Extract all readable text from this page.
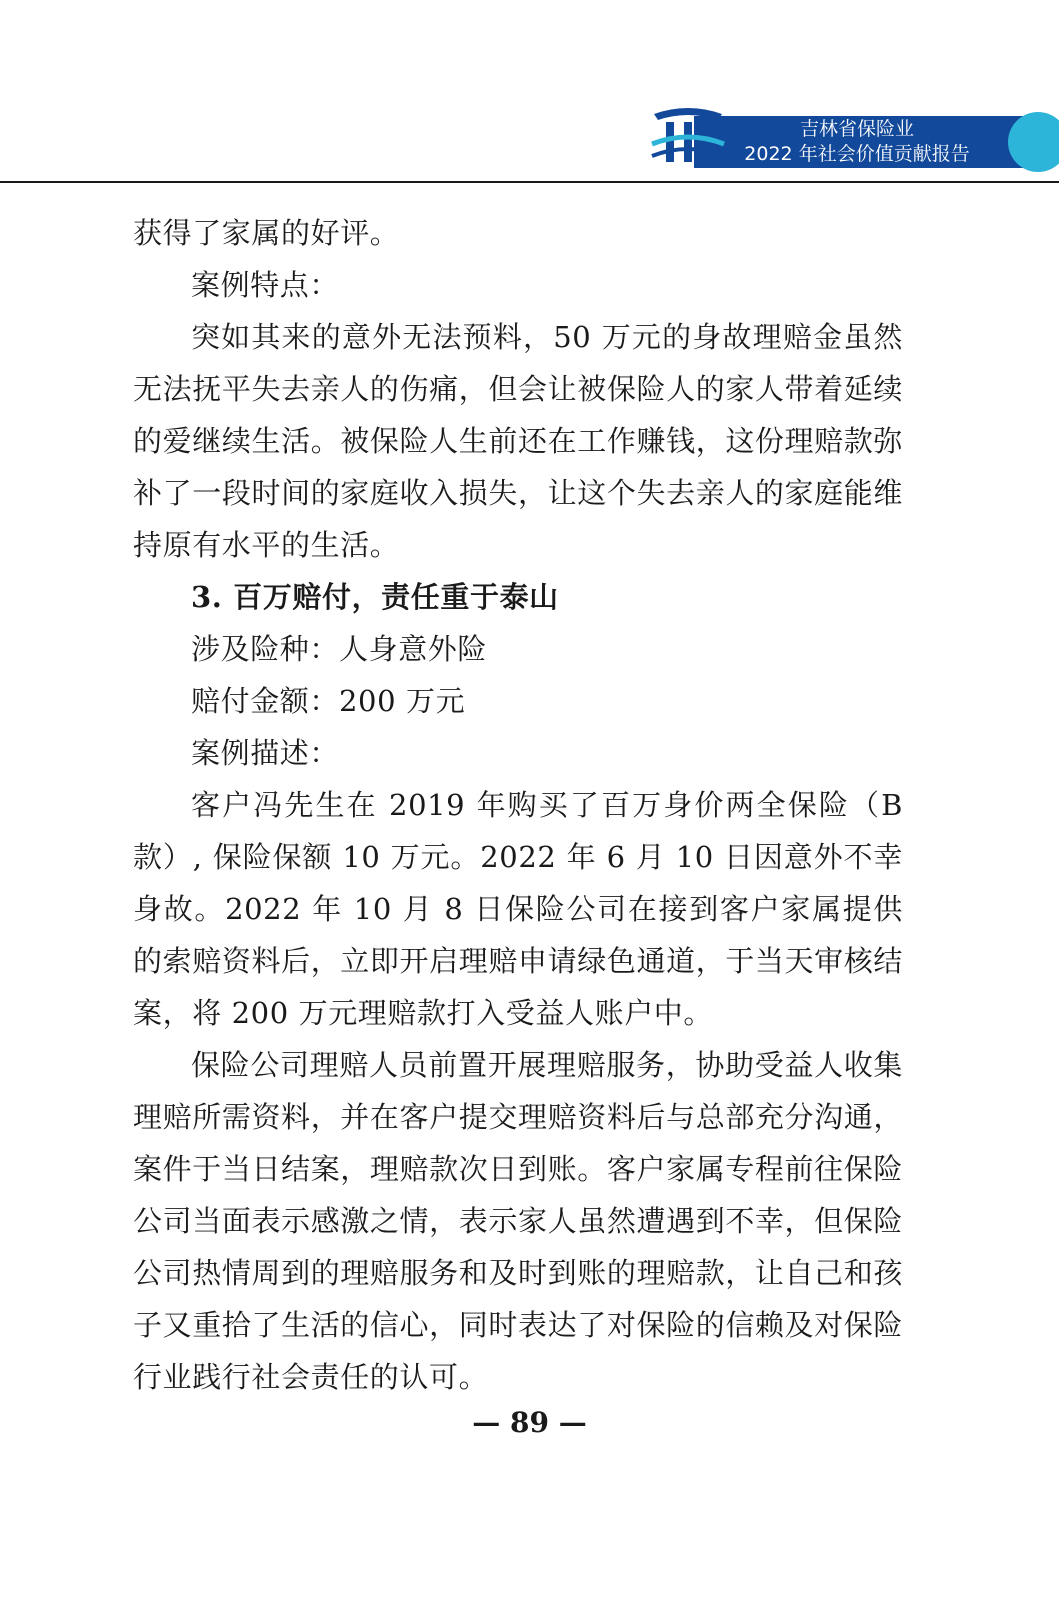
吉林省保险业
2022 年社会价值贡献报告

获得了家属的好评。

案例特点：

突如其来的意外无法预料，50 万元的身故理赔金虽然无法抚平失去亲人的伤痛，但会让被保险人的家人带着延续的爱继续生活。被保险人生前还在工作赚钱，这份理赔款弥补了一段时间的家庭收入损失，让这个失去亲人的家庭能维持原有水平的生活。

3. 百万赔付，责任重于泰山

涉及险种：人身意外险

赔付金额：200 万元

案例描述：

客户冯先生在 2019 年购买了百万身价两全保险（B款）, 保险保额 10 万元。2022 年 6 月 10 日因意外不幸身故。2022 年 10 月 8 日保险公司在接到客户家属提供的索赔资料后，立即开启理赔申请绿色通道，于当天审核结案，将 200 万元理赔款打入受益人账户中。

保险公司理赔人员前置开展理赔服务，协助受益人收集理赔所需资料，并在客户提交理赔资料后与总部充分沟通，案件于当日结案，理赔款次日到账。客户家属专程前往保险公司当面表示感激之情，表示家人虽然遭遇到不幸，但保险公司热情周到的理赔服务和及时到账的理赔款，让自己和孩子又重拾了生活的信心，同时表达了对保险的信赖及对保险行业践行社会责任的认可。

— 89 —
